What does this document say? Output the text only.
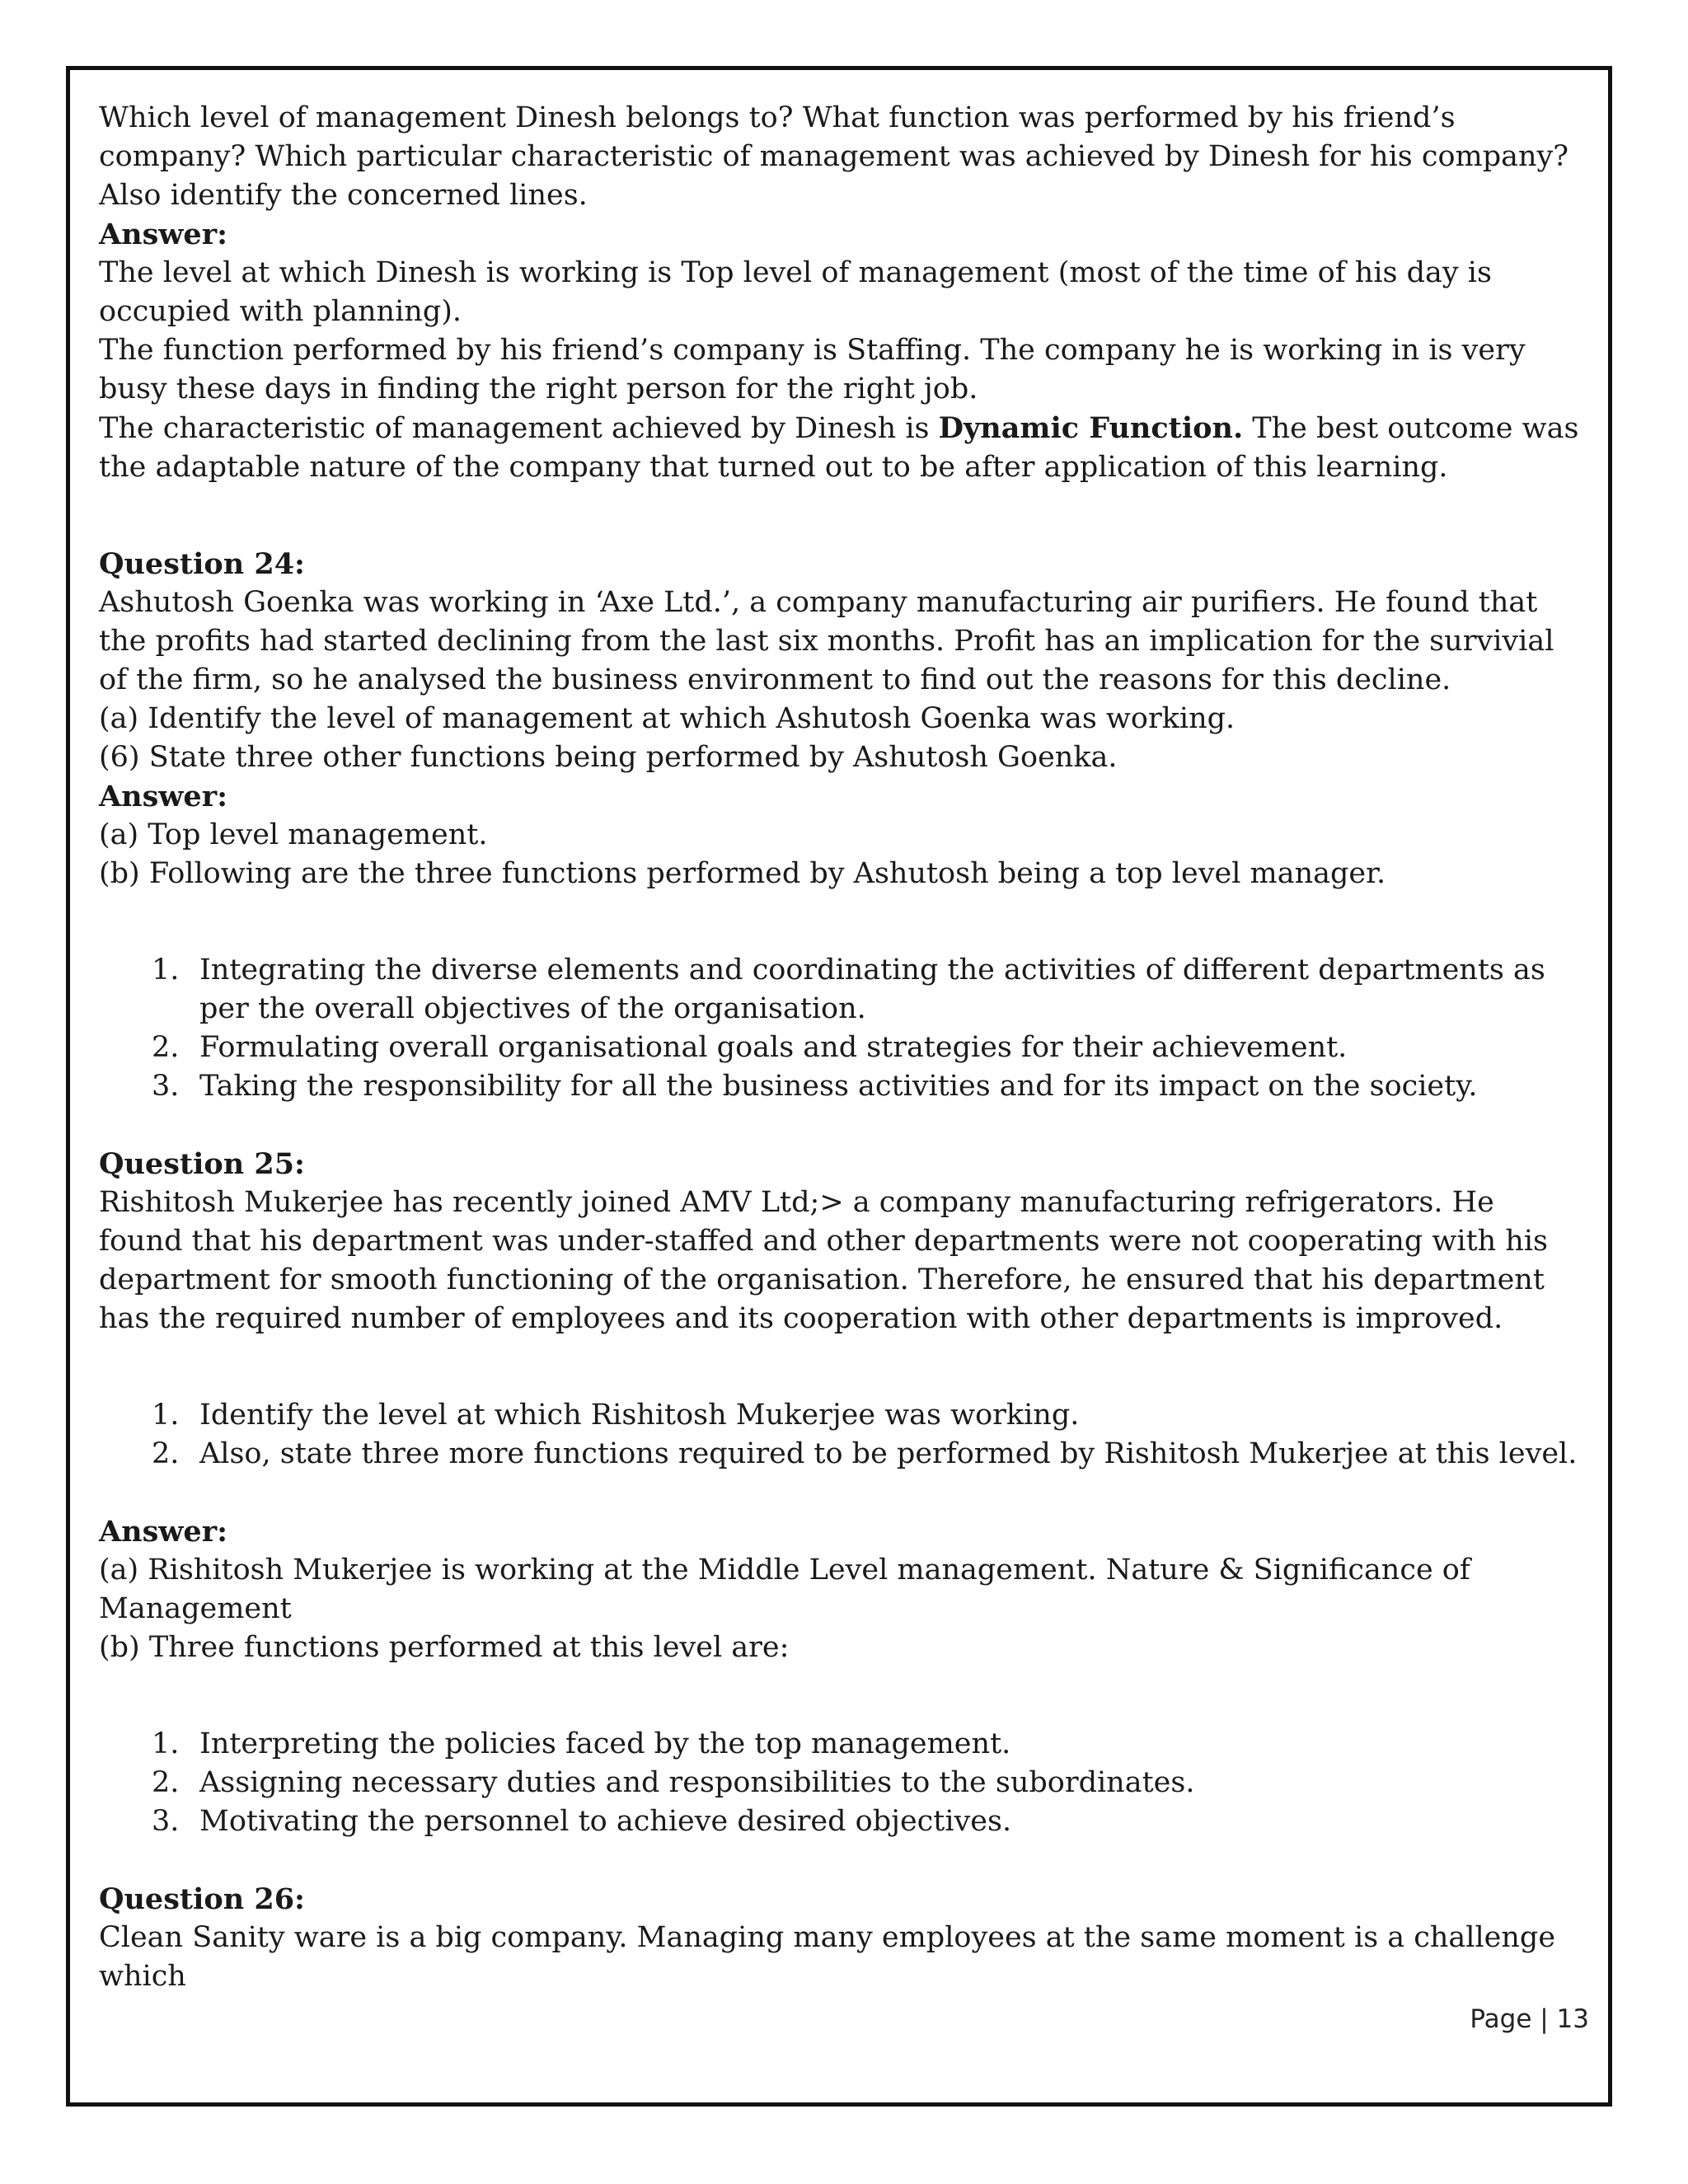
Which level of management Dinesh belongs to? What function was performed by his friend’s company? Which particular characteristic of management was achieved by Dinesh for his company? Also identify the concerned lines.

Answer:

The level at which Dinesh is working is Top level of management (most of the time of his day is occupied with planning).

The function performed by his friend’s company is Staffing. The company he is working in is very busy these days in finding the right person for the right job.

The characteristic of management achieved by Dinesh is Dynamic Function. The best outcome was the adaptable nature of the company that turned out to be after application of this learning.

Question 24:

Ashutosh Goenka was working in ‘Axe Ltd.’, a company manufacturing air purifiers. He found that the profits had started declining from the last six months. Profit has an implication for the survivial of the firm, so he analysed the business environment to find out the reasons for this decline.

(a) Identify the level of management at which Ashutosh Goenka was working.

(6) State three other functions being performed by Ashutosh Goenka.

Answer:

(a) Top level management.

(b) Following are the three functions performed by Ashutosh being a top level manager.

1. Integrating the diverse elements and coordinating the activities of different departments as per the overall objectives of the organisation.
2. Formulating overall organisational goals and strategies for their achievement.
3. Taking the responsibility for all the business activities and for its impact on the society.

Question 25:

Rishitosh Mukerjee has recently joined AMV Ltd;> a company manufacturing refrigerators. He found that his department was under-staffed and other departments were not cooperating with his department for smooth functioning of the organisation. Therefore, he ensured that his department has the required number of employees and its cooperation with other departments is improved.

1. Identify the level at which Rishitosh Mukerjee was working.
2. Also, state three more functions required to be performed by Rishitosh Mukerjee at this level.

Answer:

(a) Rishitosh Mukerjee is working at the Middle Level management. Nature & Significance of Management

(b) Three functions performed at this level are:

1. Interpreting the policies faced by the top management.
2. Assigning necessary duties and responsibilities to the subordinates.
3. Motivating the personnel to achieve desired objectives.

Question 26:

Clean Sanity ware is a big company. Managing many employees at the same moment is a challenge which

Page | 13
